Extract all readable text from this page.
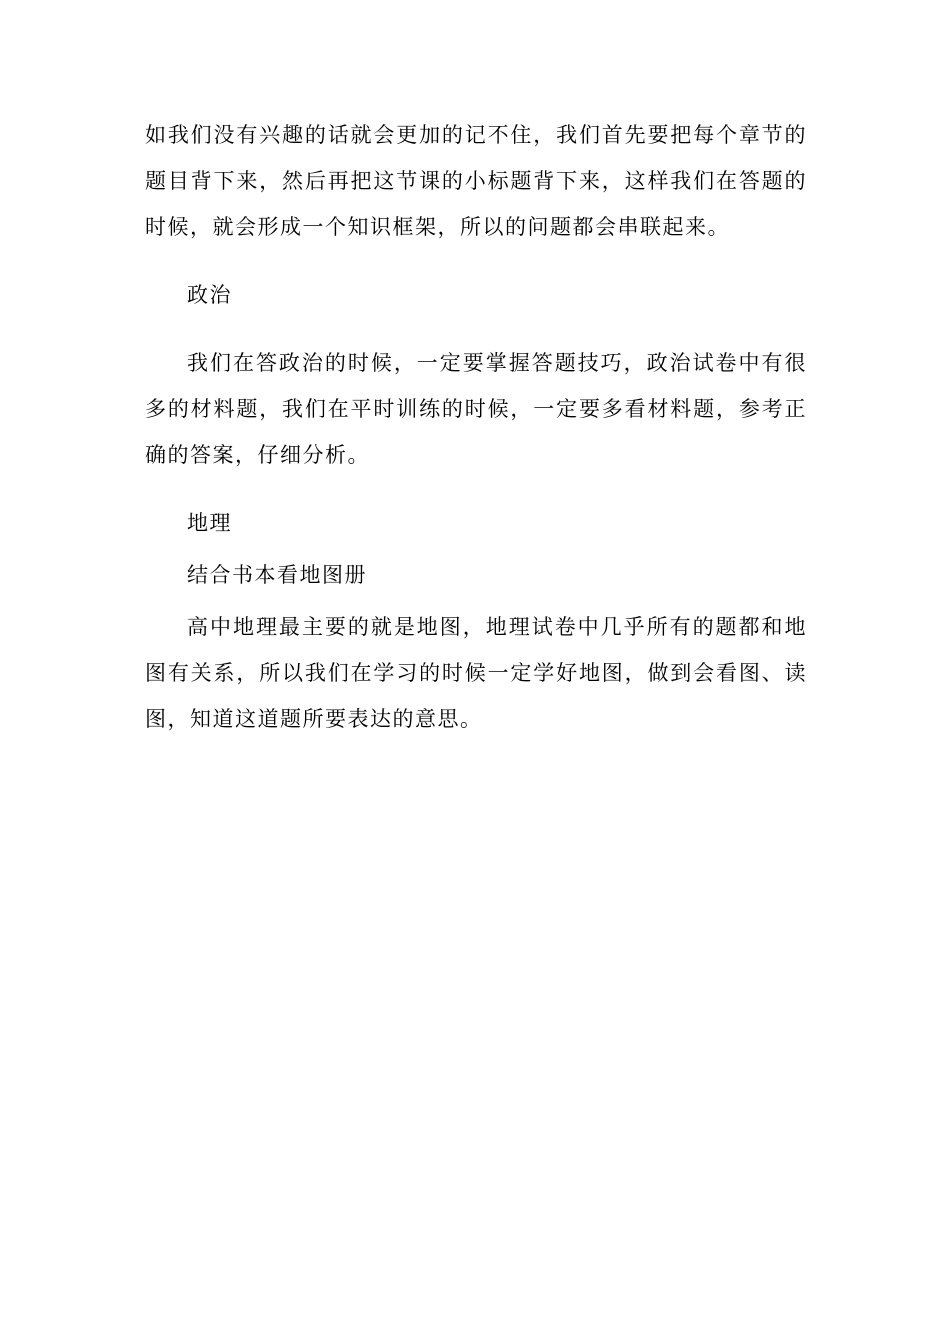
如我们没有兴趣的话就会更加的记不住，我们首先要把每个章节的题目背下来，然后再把这节课的小标题背下来，这样我们在答题的时候，就会形成一个知识框架，所以的问题都会串联起来。

政治

我们在答政治的时候，一定要掌握答题技巧，政治试卷中有很多的材料题，我们在平时训练的时候，一定要多看材料题，参考正确的答案，仔细分析。

地理

结合书本看地图册

高中地理最主要的就是地图，地理试卷中几乎所有的题都和地图有关系，所以我们在学习的时候一定学好地图，做到会看图、读图，知道这道题所要表达的意思。
